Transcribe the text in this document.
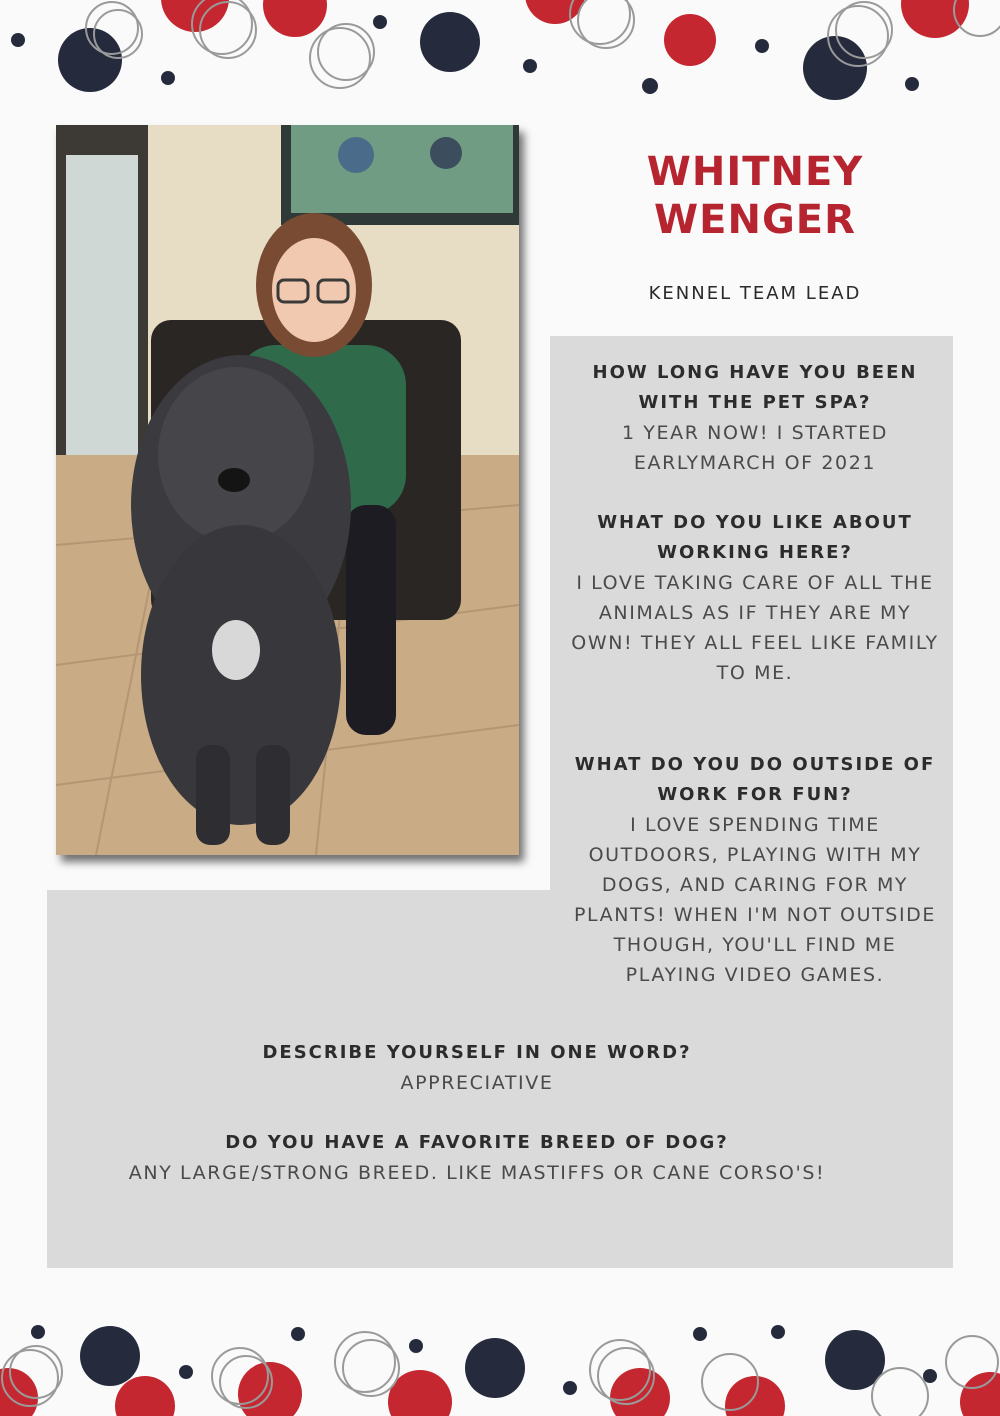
WHITNEY
WENGER
KENNEL TEAM LEAD
HOW LONG HAVE YOU BEEN WITH THE PET SPA?
1 YEAR NOW! I STARTED EARLYMARCH OF 2021
WHAT DO YOU LIKE ABOUT WORKING HERE?
I LOVE TAKING CARE OF ALL THE ANIMALS AS IF THEY ARE MY OWN! THEY ALL FEEL LIKE FAMILY TO ME.
WHAT DO YOU DO OUTSIDE OF WORK FOR FUN?
I LOVE SPENDING TIME OUTDOORS, PLAYING WITH MY DOGS, AND CARING FOR MY PLANTS! WHEN I'M NOT OUTSIDE THOUGH, YOU'LL FIND ME PLAYING VIDEO GAMES.
DESCRIBE YOURSELF IN ONE WORD?
APPRECIATIVE
DO YOU HAVE A FAVORITE BREED OF DOG?
ANY LARGE/STRONG BREED. LIKE MASTIFFS OR CANE CORSO'S!
